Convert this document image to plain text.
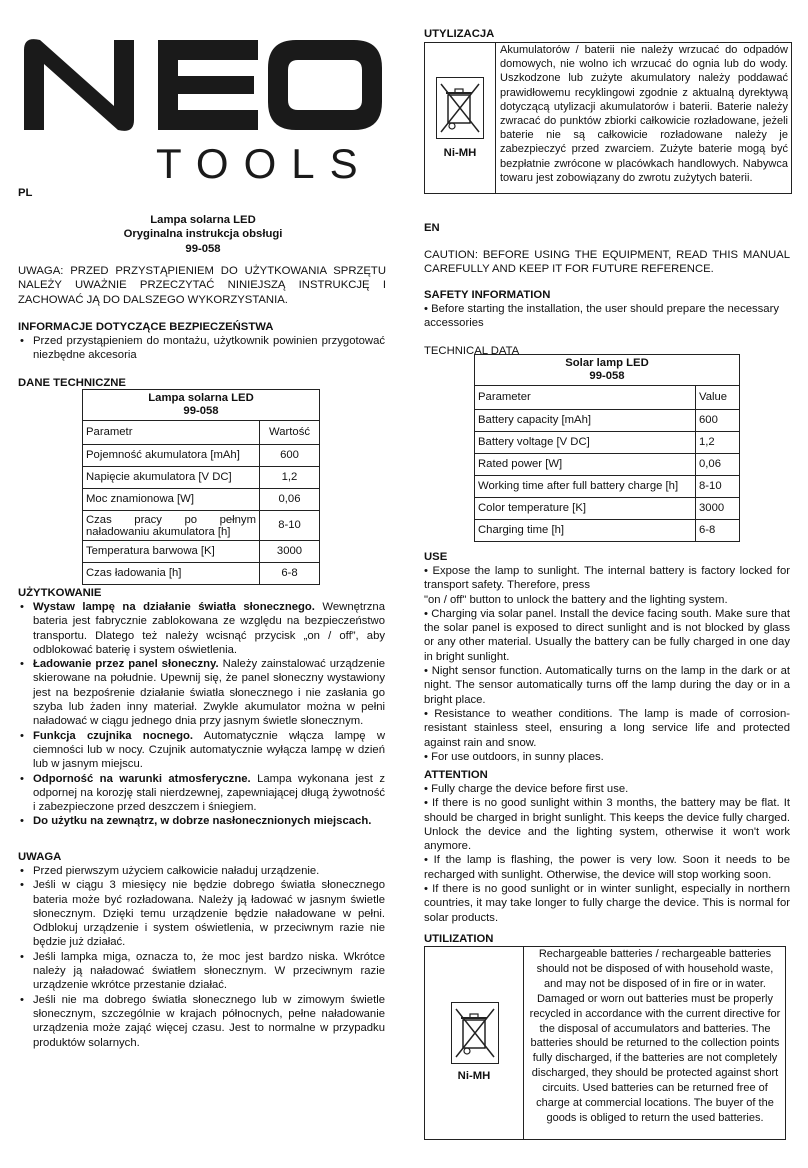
TOOLS
PL
Lampa solarna LED
Oryginalna instrukcja obsługi
99-058
UWAGA: PRZED PRZYSTĄPIENIEM DO UŻYTKOWANIA SPRZĘTU NALEŻY UWAŻNIE PRZECZYTAĆ NINIEJSZĄ INSTRUKCJĘ I ZACHOWAĆ JĄ DO DALSZEGO WYKORZYSTANIA.
INFORMACJE DOTYCZĄCE BEZPIECZEŃSTWA
• Przed przystąpieniem do montażu, użytkownik powinien przygotować niezbędne akcesoria
DANE TECHNICZNE
Lampa solarna LED
99-058	

Parametr	Wartość
Pojemność akumulatora [mAh]	600
Napięcie akumulatora [V DC]	1,2
Moc znamionowa [W]	0,06
Czas pracy po pełnym naładowaniu akumulatora [h]	8-10
Temperatura barwowa [K]	3000
Czas ładowania [h]	6-8
UŻYTKOWANIE
• Wystaw lampę na działanie światła słonecznego. Wewnętrzna bateria jest fabrycznie zablokowana ze względu na bezpieczeństwo transportu. Dlatego też należy wcisnąć przycisk „on / off”, aby odblokować baterię i system oświetlenia.
• Ładowanie przez panel słoneczny. Należy zainstalować urządzenie skierowane na południe. Upewnij się, że panel słoneczny wystawiony jest na bezpośrenie działanie światła słonecznego i nie zasłania go szyba lub żaden inny materiał. Zwykle akumulator można w pełni naładować w ciągu jednego dnia przy jasnym świetle słonecznym.
• Funkcja czujnika nocnego. Automatycznie włącza lampę w ciemności lub w nocy. Czujnik automatycznie wyłącza lampę w dzień lub w jasnym miejscu.
• Odporność na warunki atmosferyczne. Lampa wykonana jest z odpornej na korozję stali nierdzewnej, zapewniającej długą żywotność i zabezpieczone przed deszczem i śniegiem.
• Do użytku na zewnątrz, w dobrze nasłonecznionych miejscach.
UWAGA
• Przed pierwszym użyciem całkowicie naładuj urządzenie.
• Jeśli w ciągu 3 miesięcy nie będzie dobrego światła słonecznego bateria może być rozładowana. Należy ją ładować w jasnym świetle słonecznym. Dzięki temu urządzenie będzie naładowane w pełni. Odblokuj urządzenie i system oświetlenia, w przeciwnym razie nie będzie już działać.
• Jeśli lampka miga, oznacza to, że moc jest bardzo niska. Wkrótce należy ją naładować światłem słonecznym. W przeciwnym razie urządzenie wkrótce przestanie działać.
• Jeśli nie ma dobrego światła słonecznego lub w zimowym świetle słonecznym, szczególnie w krajach północnych, pełne naładowanie urządzenia może zająć więcej czasu. Jest to normalne w przypadku produktów solarnych.
UTYLIZACJA
Ni-MH
Akumulatorów / baterii nie należy wrzucać do odpadów domowych, nie wolno ich wrzucać do ognia lub do wody. Uszkodzone lub zużyte akumulatory należy poddawać prawidłowemu recyklingowi zgodnie z aktualną dyrektywą dotyczącą utylizacji akumulatorów i baterii. Baterie należy zwracać do punktów zbiorki całkowicie rozładowane, jeżeli baterie nie są całkowicie rozładowane należy je zabezpieczyć przed zwarciem. Zużyte baterie mogą być bezpłatnie zwrócone w placówkach handlowych. Nabywca towaru jest zobowiązany do zwrotu zużytych baterii.
EN
CAUTION: BEFORE USING THE EQUIPMENT, READ THIS MANUAL CAREFULLY AND KEEP IT FOR FUTURE REFERENCE.
SAFETY INFORMATION
• Before starting the installation, the user should prepare the necessary accessories
TECHNICAL DATA
Solar lamp LED
99-058	

Parameter	Value
Battery capacity [mAh]	600
Battery voltage [V DC]	1,2
Rated power [W]	0,06
Working time after full battery charge [h]	8-10
Color temperature [K]	3000
Charging time [h]	6-8
USE
• Expose the lamp to sunlight. The internal battery is factory locked for transport safety. Therefore, press
"on / off" button to unlock the battery and the lighting system.
• Charging via solar panel. Install the device facing south. Make sure that the solar panel is exposed to direct sunlight and is not blocked by glass or any other material. Usually the battery can be fully charged in one day in bright sunlight.
• Night sensor function. Automatically turns on the lamp in the dark or at night. The sensor automatically turns off the lamp during the day or in a bright place.
• Resistance to weather conditions. The lamp is made of corrosion-resistant stainless steel, ensuring a long service life and protected against rain and snow.
• For use outdoors, in sunny places.
ATTENTION
• Fully charge the device before first use.
• If there is no good sunlight within 3 months, the battery may be flat. It should be charged in bright sunlight. This keeps the device fully charged. Unlock the device and the lighting system, otherwise it won't work anymore.
• If the lamp is flashing, the power is very low. Soon it needs to be recharged with sunlight. Otherwise, the device will stop working soon.
• If there is no good sunlight or in winter sunlight, especially in northern countries, it may take longer to fully charge the device. This is normal for solar products.
UTILIZATION
Ni-MH
Rechargeable batteries / rechargeable batteries should not be disposed of with household waste, and may not be disposed of in fire or in water. Damaged or worn out batteries must be properly recycled in accordance with the current directive for the disposal of accumulators and batteries. The batteries should be returned to the collection points fully discharged, if the batteries are not completely discharged, they should be protected against short circuits. Used batteries can be returned free of charge at commercial locations. The buyer of the goods is obliged to return the used batteries.
